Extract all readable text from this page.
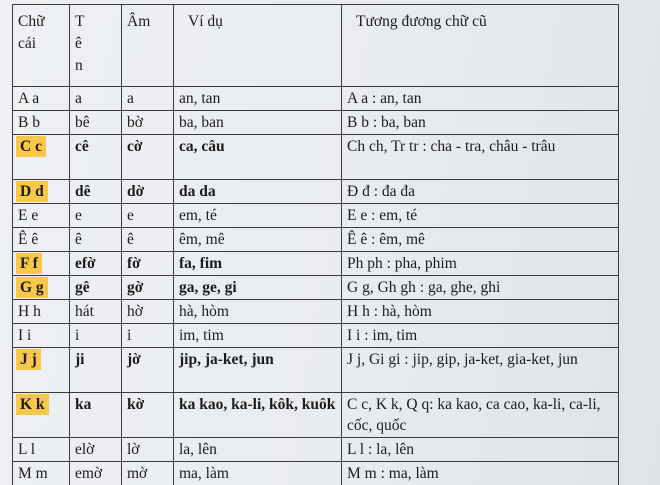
Chữ cái	T ê n	Âm	Ví dụ	Tương đương chữ cũ
A a	a	a	an, tan	A a : an, tan
B b	bê	bờ	ba, ban	B b : ba, ban
C c	cê	cờ	ca, câu	Ch ch, Tr tr : cha - tra, châu - trâu
D d	dê	dờ	da da	Đ đ : đa đa
E e	e	e	em, té	E e : em, té
Ê ê	ê	ê	êm, mê	Ê ê : êm, mê
F f	efờ	fờ	fa, fim	Ph ph : pha, phim
G g	gê	gờ	ga, ge, gi	G g, Gh gh : ga, ghe, ghi
H h	hát	hờ	hà, hòm	H h : hà, hòm
I i	i	i	im, tim	I i : im, tim
J j	ji	jờ	jip, ja-ket, jun	J j, Gi gi : jip, gip, ja-ket, gia-ket, jun
K k	ka	kờ	ka kao, ka-li, kôk, kuôk	C c, K k, Q q: ka kao, ca cao, ka-li, ca-li, cốc, quốc
L l	elờ	lờ	la, lên	L l : la, lên
M m	emờ	mờ	ma, làm	M m : ma, làm
